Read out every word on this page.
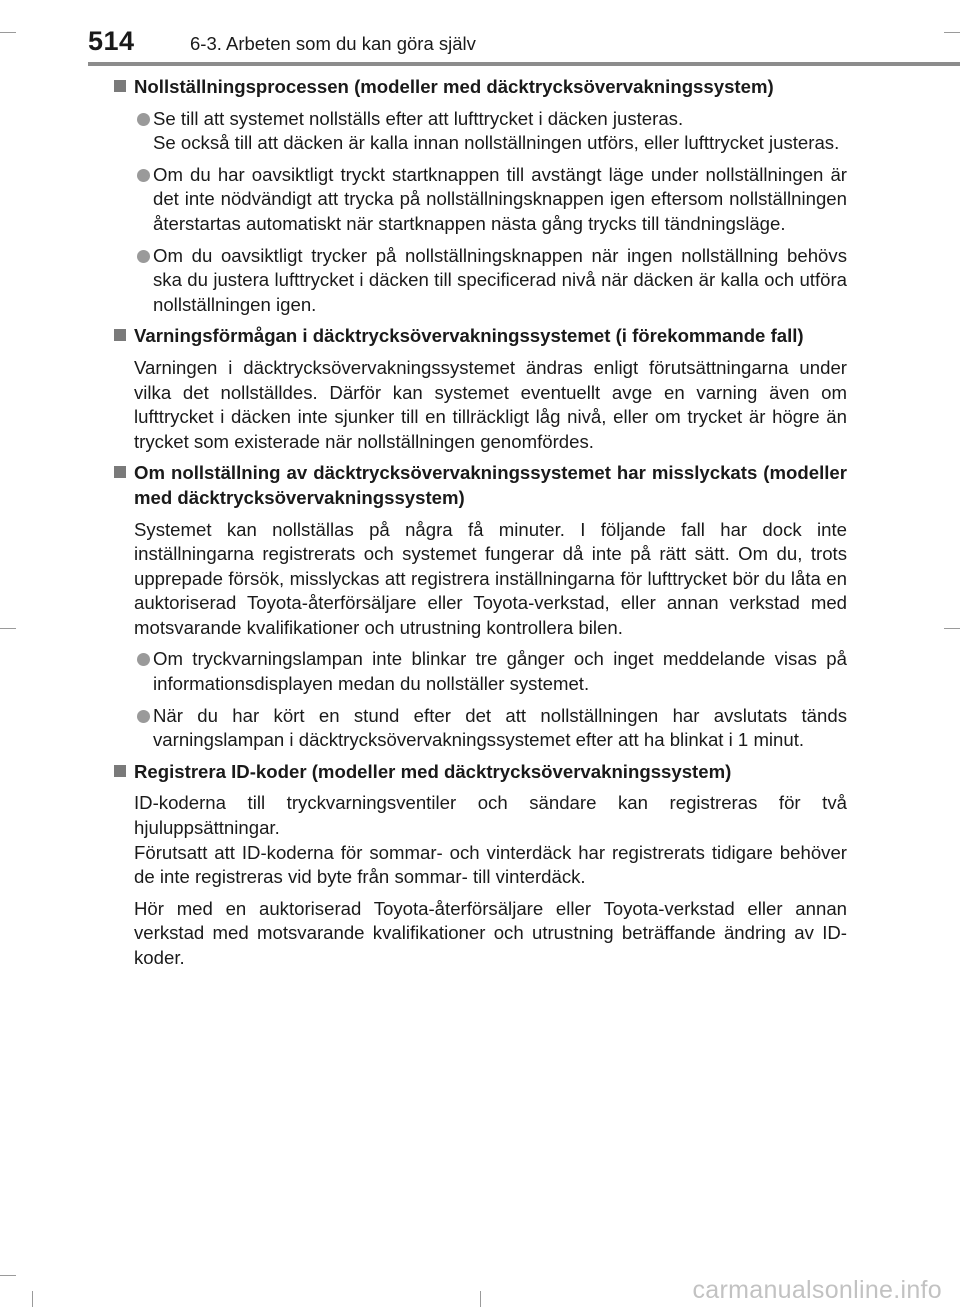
514	6-3. Arbeten som du kan göra själv
Nollställningsprocessen (modeller med däcktrycksövervakningssystem)
Se till att systemet nollställs efter att lufttrycket i däcken justeras.
Se också till att däcken är kalla innan nollställningen utförs, eller lufttrycket justeras.
Om du har oavsiktligt tryckt startknappen till avstängt läge under nollställningen är det inte nödvändigt att trycka på nollställningsknappen igen eftersom nollställningen återstartas automatiskt när startknappen nästa gång trycks till tändningsläge.
Om du oavsiktligt trycker på nollställningsknappen när ingen nollställning behövs ska du justera lufttrycket i däcken till specificerad nivå när däcken är kalla och utföra nollställningen igen.
Varningsförmågan i däcktrycksövervakningssystemet (i förekommande fall)
Varningen i däcktrycksövervakningssystemet ändras enligt förutsättningarna under vilka det nollställdes. Därför kan systemet eventuellt avge en varning även om lufttrycket i däcken inte sjunker till en tillräckligt låg nivå, eller om trycket är högre än trycket som existerade när nollställningen genomfördes.
Om nollställning av däcktrycksövervakningssystemet har misslyckats (modeller med däcktrycksövervakningssystem)
Systemet kan nollställas på några få minuter. I följande fall har dock inte inställningarna registrerats och systemet fungerar då inte på rätt sätt. Om du, trots upprepade försök, misslyckas att registrera inställningarna för lufttrycket bör du låta en auktoriserad Toyota-återförsäljare eller Toyota-verkstad, eller annan verkstad med motsvarande kvalifikationer och utrustning kontrollera bilen.
Om tryckvarningslampan inte blinkar tre gånger och inget meddelande visas på informationsdisplayen medan du nollställer systemet.
När du har kört en stund efter det att nollställningen har avslutats tänds varningslampan i däcktrycksövervakningssystemet efter att ha blinkat i 1 minut.
Registrera ID-koder (modeller med däcktrycksövervakningssystem)
ID-koderna till tryckvarningsventiler och sändare kan registreras för två hjuluppsättningar.
Förutsatt att ID-koderna för sommar- och vinterdäck har registrerats tidigare behöver de inte registreras vid byte från sommar- till vinterdäck.
Hör med en auktoriserad Toyota-återförsäljare eller Toyota-verkstad eller annan verkstad med motsvarande kvalifikationer och utrustning beträffande ändring av ID-koder.
carmanualsonline.info
